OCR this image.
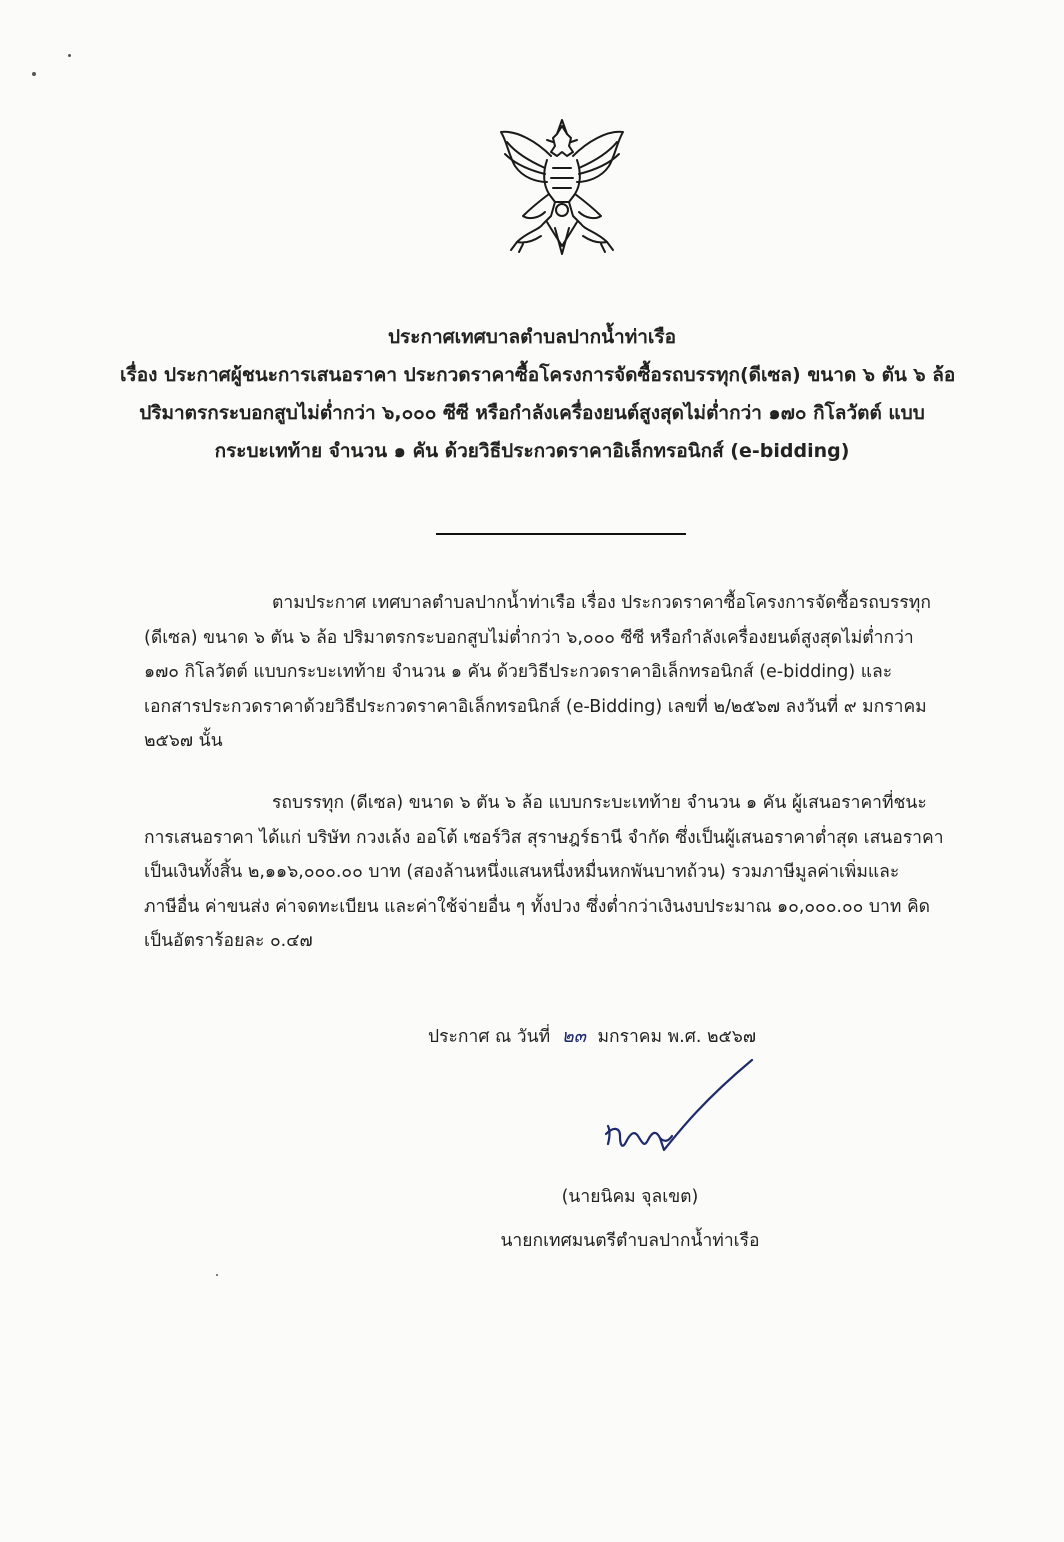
ประกาศเทศบาลตำบลปากน้ำท่าเรือ
เรื่อง ประกาศผู้ชนะการเสนอราคา ประกวดราคาซื้อโครงการจัดซื้อรถบรรทุก(ดีเซล) ขนาด ๖ ตัน ๖ ล้อ
ปริมาตรกระบอกสูบไม่ต่ำกว่า ๖,๐๐๐ ซีซี หรือกำลังเครื่องยนต์สูงสุดไม่ต่ำกว่า ๑๗๐ กิโลวัตต์ แบบ
กระบะเทท้าย จำนวน ๑ คัน ด้วยวิธีประกวดราคาอิเล็กทรอนิกส์ (e-bidding)
ตามประกาศ เทศบาลตำบลปากน้ำท่าเรือ เรื่อง ประกวดราคาซื้อโครงการจัดซื้อรถบรรทุก
(ดีเซล) ขนาด ๖ ตัน ๖ ล้อ ปริมาตรกระบอกสูบไม่ต่ำกว่า ๖,๐๐๐ ซีซี หรือกำลังเครื่องยนต์สูงสุดไม่ต่ำกว่า
๑๗๐ กิโลวัตต์ แบบกระบะเทท้าย จำนวน ๑ คัน ด้วยวิธีประกวดราคาอิเล็กทรอนิกส์ (e-bidding) และ
เอกสารประกวดราคาด้วยวิธีประกวดราคาอิเล็กทรอนิกส์ (e-Bidding) เลขที่ ๒/๒๕๖๗ ลงวันที่ ๙ มกราคม
๒๕๖๗ นั้น
รถบรรทุก (ดีเซล) ขนาด ๖ ตัน ๖ ล้อ แบบกระบะเทท้าย จำนวน ๑ คัน ผู้เสนอราคาที่ชนะ
การเสนอราคา ได้แก่ บริษัท กวงเล้ง ออโต้ เซอร์วิส สุราษฎร์ธานี จำกัด ซึ่งเป็นผู้เสนอราคาต่ำสุด เสนอราคา
เป็นเงินทั้งสิ้น ๒,๑๑๖,๐๐๐.๐๐ บาท (สองล้านหนึ่งแสนหนึ่งหมื่นหกพันบาทถ้วน) รวมภาษีมูลค่าเพิ่มและ
ภาษีอื่น ค่าขนส่ง ค่าจดทะเบียน และค่าใช้จ่ายอื่น ๆ ทั้งปวง ซึ่งต่ำกว่าเงินงบประมาณ ๑๐,๐๐๐.๐๐ บาท คิด
เป็นอัตราร้อยละ ๐.๔๗
ประกาศ ณ วันที่ ๒๓ มกราคม พ.ศ. ๒๕๖๗
(นายนิคม จุลเขต)
นายกเทศมนตรีตำบลปากน้ำท่าเรือ
